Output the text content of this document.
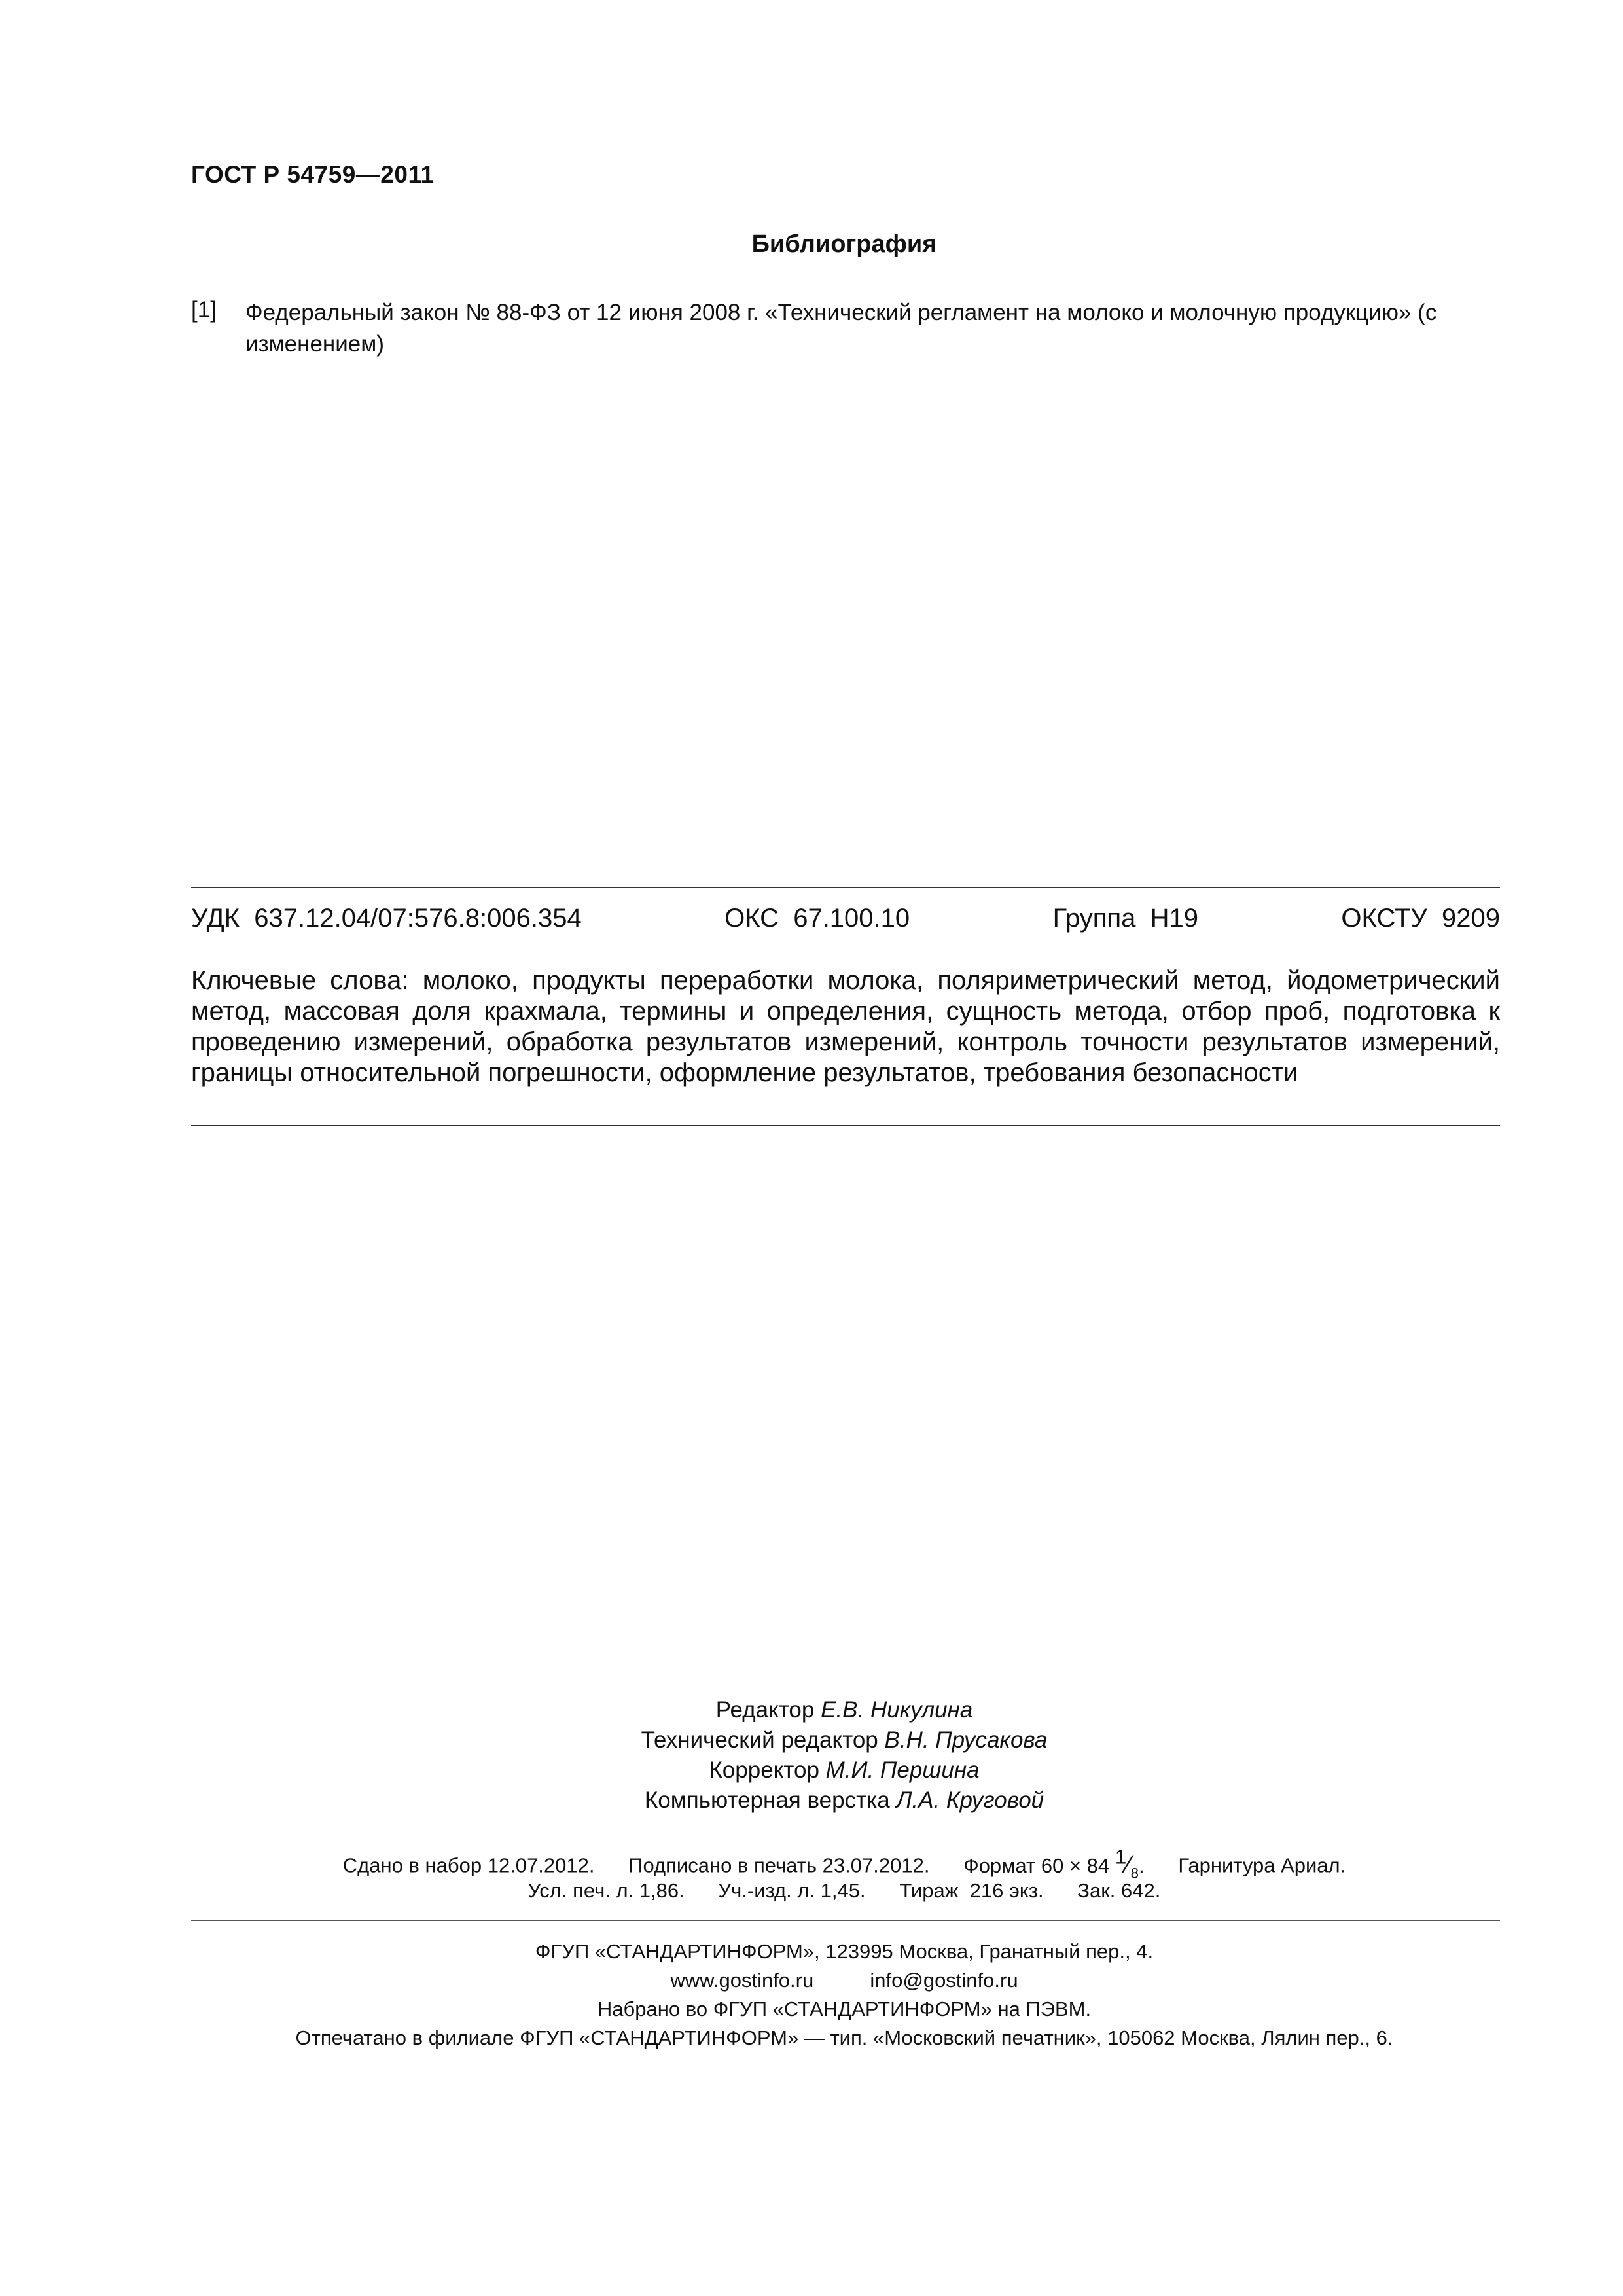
ГОСТ Р 54759—2011
Библиография
[1] Федеральный закон № 88-ФЗ от 12 июня 2008 г. «Технический регламент на молоко и молочную продукцию» (с изменением)
УДК  637.12.04/07:576.8:006.354	ОКС  67.100.10	Группа  Н19	ОКСТУ  9209
Ключевые слова: молоко, продукты переработки молока, поляриметрический метод, йодометрический метод, массовая доля крахмала, термины и определения, сущность метода, отбор проб, подготовка к проведению измерений, обработка результатов измерений, контроль точности результатов измерений, границы относительной погрешности, оформление результатов, требования безопасности
Редактор Е.В. Никулина
Технический редактор В.Н. Прусакова
Корректор М.И. Першина
Компьютерная верстка Л.А. Круговой
Сдано в набор 12.07.2012. Подписано в печать 23.07.2012. Формат 60 × 84 $^1⁄_8$. Гарнитура Ариал.
Усл. печ. л. 1,86. Уч.-изд. л. 1,45. Тираж  216 экз. Зак. 642.
ФГУП «СТАНДАРТИНФОРМ», 123995 Москва, Гранатный пер., 4.
www.gostinfo.ru	info@gostinfo.ru
Набрано во ФГУП «СТАНДАРТИНФОРМ» на ПЭВМ.
Отпечатано в филиале ФГУП «СТАНДАРТИНФОРМ» — тип. «Московский печатник», 105062 Москва, Лялин пер., 6.
